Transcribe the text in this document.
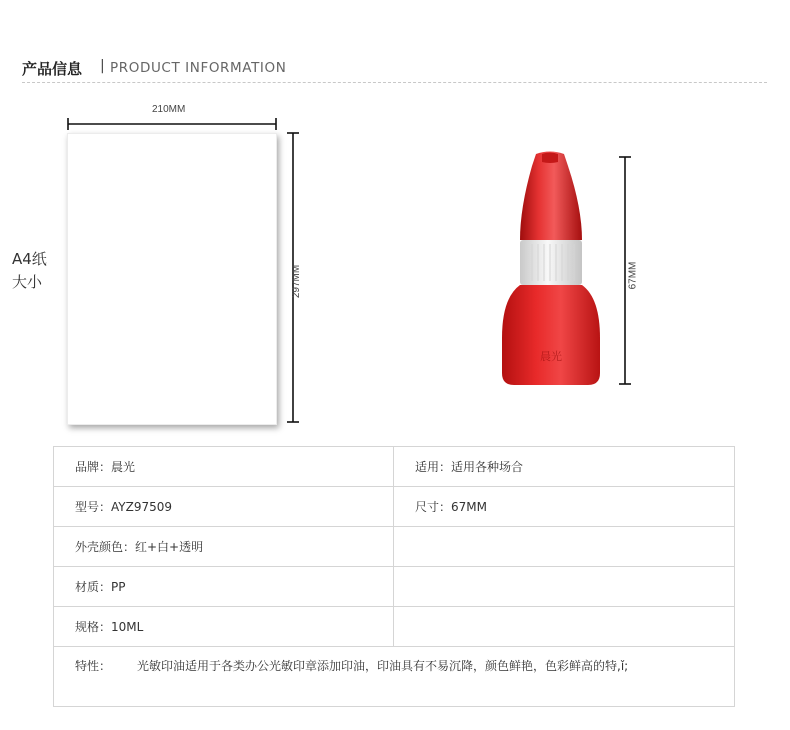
产品信息 | PRODUCT INFORMATION
A4纸
大小
210MM
297MM	67MM
晨光
品牌：晨光	适用：适用各种场合
型号：AYZ97509	尺寸：67MM
外壳颜色：红+白+透明	
材质：PP	
规格：10ML	
特性： 光敏印油适用于各类办公光敏印章添加印油，印油具有不易沉降，颜色鲜艳，色彩鲜高的特,ǐ;	
